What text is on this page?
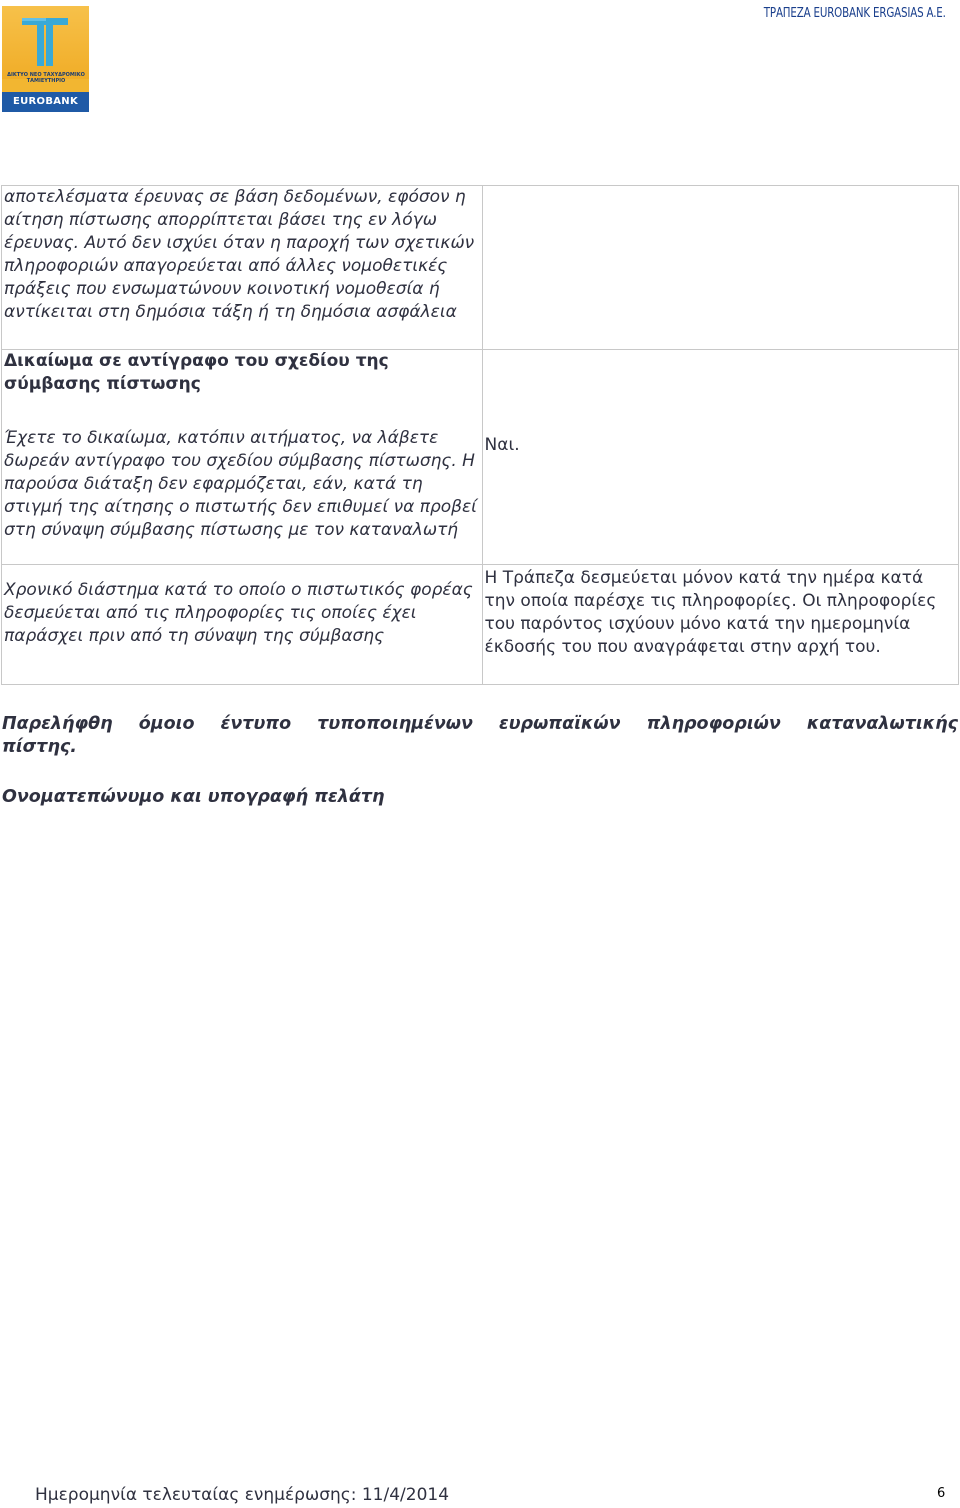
ΔΙΚΤΥΟ ΝΕΟ ΤΑΧΥΔΡΟΜΙΚΟ ΤΑΜΙΕΥΤΗΡΙΟ
EUROBANK
ΤΡΑΠΕΖΑ EUROBANK ERGASIAS A.E.
αποτελέσματα έρευνας σε βάση δεδομένων, εφόσον η αίτηση πίστωσης απορρίπτεται βάσει της εν λόγω έρευνας. Αυτό δεν ισχύει όταν η παροχή των σχετικών πληροφοριών απαγορεύεται από άλλες νομοθετικές πράξεις που ενσωματώνουν κοινοτική νομοθεσία ή αντίκειται στη δημόσια τάξη ή τη δημόσια ασφάλεια	

Δικαίωμα σε αντίγραφο του σχεδίου της σύμβασης πίστωσης
Έχετε το δικαίωμα, κατόπιν αιτήματος, να λάβετε δωρεάν αντίγραφο του σχεδίου σύμβασης πίστωσης. Η παρούσα διάταξη δεν εφαρμόζεται, εάν, κατά τη στιγμή της αίτησης ο πιστωτής δεν επιθυμεί να προβεί στη σύναψη σύμβασης πίστωσης με τον καταναλωτή	Ναι.
Χρονικό διάστημα κατά το οποίο ο πιστωτικός φορέας δεσμεύεται από τις πληροφορίες τις οποίες έχει παράσχει πριν από τη σύναψη της σύμβασης	Η Τράπεζα δεσμεύεται μόνον κατά την ημέρα κατά την οποία παρέσχε τις πληροφορίες. Οι πληροφορίες του παρόντος ισχύουν μόνο κατά την ημερομηνία έκδοσής του που αναγράφεται στην αρχή του.
Παρελήφθη όμοιο έντυπο τυποποιημένων ευρωπαϊκών πληροφοριών καταναλωτικής πίστης.
Ονοματεπώνυμο και υπογραφή πελάτη
Ημερομηνία τελευταίας ενημέρωσης: 11/4/2014	6
